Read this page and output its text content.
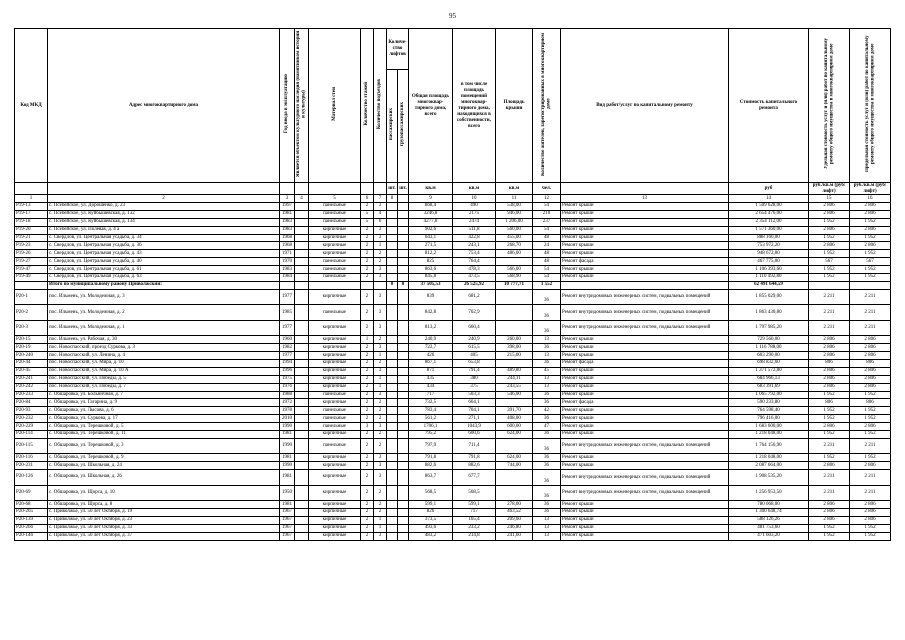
95
Код МКД	Адрес многоквартирного дома	Год ввода в эксплуатацию	Является объектом культурного наследия (памятником истории и культуры)	Материал стен	Количество этажей	Количество подъездов	Количе-ство лифтов		Общая площадь многоквар-тирного дома, всего	в том числе площадь помещений многоквар-тирного дома, находящихся в собственности, всего	Площадь крыши	Количество жителей, зарегистрированных в многоквартирном доме	Вид работ/услуг по капитальному ремонту	Стоимость капитального ремонта	Удельная стоимость услуг и (или) работ по капитальному ремонту общего имущества в многоквартирном доме	Предельная стоимость услуг и (или) работ по капитальному ремонту общего имущества в многоквартирном доме
							пассажирских	грузопассажирских								
							шт.	шт.	кв.м	кв.м	кв.м	чел.		руб	руб./кв.м (руб/лифт)	руб./кв.м (руб/лифт)
1	2	3	4	5	6	7	8		9	10	11	12	13	14	15	16
Р19-13	с. Псебейское, ул. Дорошенко, д. 23	1997		панельные	2	3			868,4	490	538,00	54	Ремонт крыши	1 509 628,00	2 806	2 806
Р19-17	с. Псебейское, ул. Куйбышевская, д. 132	1981		панельные	5	4			3246,8	2175	946,00	210	Ремонт крыши	2 654 476,00	2 806	2 806
Р19-18	с. Псебейское, ул. Куйбышевская, д. 134	1983		панельные	5	6			4277,8	2474	1 206,00	237	Ремонт крыши	2 354 112,00	1 952	1 952
Р19-20	с. Псебейское, ул. Полевая, д. 4 а	1983		кирпичные	2	3			902,6	511,8	560,00	54	Ремонт крыши	1 571 360,00	2 806	2 806
Р19-21	с. Свердлов, ул. Центральная усадьба, д. 34	1968		кирпичные	2	3			643,1	422,8	455,00	48	Ремонт крыши	888 160,00	1 952	1 952
Р19-23	с. Свердлов, ул. Центральная усадьба, д. 36	1968		кирпичные	2	1			271,5	243,1	268,70	24	Ремонт крыши	753 972,20	2 806	2 806
Р19-26	с. Свердлов, ул. Центральная усадьба, д. 43	1971		кирпичные	2	2			812,2	753,4	486,00	48	Ремонт крыши	948 672,00	1 952	1 952
Р19-27	с. Свердлов, ул. Центральная усадьба, д. 40	1970		панельные	2	2			825	764,4		48	Ремонт фасада	467 775,00	567	567
Р19-47	с. Свердлов, ул. Центральная усадьба, д. 61	1983		панельные	2	3			863,6	478,3	566,00	54	Ремонт крыши	1 106 393,60	1 952	1 952
Р19-49	с. Свердлов, ул. Центральная усадьба, д. 63	1984		панельные	2	3			845,8	473,5	568,90	54	Ремонт крыши	1 110 492,80	1 952	1 952
	Итого по муниципальному району Приволжский:						0	0	37 505,53	26 525,92	10 777,71	1 552		62 491 644,59		
Р20-1	пос. Ильмень, ул. Молодежная, д. 3	1977		кирпичные	2	3			839	681,2		36	Ремонт внутридомовых инженерных систем, подвальных помещений	1 855 029,00	2 211	2 211
Р20-2	пос. Ильмень, ул. Молодежная, д. 2	1985		панельные	2	3			842,8	702,9		36	Ремонт внутридомовых инженерных систем, подвальных помещений	1 863 430,80	2 211	2 211
Р20-3	пос. Ильмень, ул. Молодежная, д. 1	1977		кирпичные	2	3			813,2	660,4		36	Ремонт внутридомовых инженерных систем, подвальных помещений	1 797 985,20	2 211	2 211
Р20-15	пос. Ильмень, ул. Рабочая, д. 30	1960		кирпичные	1	2			240,9	240,9	260,00	13	Ремонт крыши	729 560,00	2 806	2 806
Р20-19	пос. Новоспасский, проезд Суркова, д. 3	1982		кирпичные	2	3			722,7	615,5	398,00	36	Ремонт крыши	1 116 788,00	2 806	2 806
Р20-240	пос. Новоспасский, ул. Ленина, д. 4	1977		кирпичные	2	1			426	405	215,00	13	Ремонт крыши	603 290,00	2 806	2 806
Р20-44	пос. Новоспасский, ул. Мира, д. 10	1994		кирпичные	2	2			867,1	653,8		36	Ремонт фасада	698 832,60	806	806
Р20-45	пос. Новоспасский, ул. Мира, д. 10 А	1996		кирпичные	2	3			871	791,4	489,80	45	Ремонт крыши	1 371 572,80	2 806	2 806
Р20-241	пос. Новоспасский, ул. Победы, д. 5	1975		кирпичные	2	1			435	380	244,11	13	Ремонт крыши	684 966,13	2 806	2 806
Р20-242	пос. Новоспасский, ул. Победы, д. 7	1976		кирпичные	2	1			434	375	243,55	13	Ремонт крыши	683 391,69	2 806	2 806
Р20-233	с. Обшаровка, ул. Больничная, д. 7	1988		панельные	2	3			717	503,3	546,00	36	Ремонт крыши	1 065 792,00	1 952	1 952
Р20-84	с. Обшаровка, ул. Гагарина, д. 9	1972		кирпичные	2	2			732,5	664,1		36	Ремонт фасада	590 233,80	806	806
Р20-93	с. Обшаровка, ул. Лысова, д. 6	1978		панельные	2	2			783,4	704,1	391,70	42	Ремонт крыши	764 598,40	1 952	1 952
Р20-232	с. Обшаровка, ул. Суркова, д. 17	2010		панельные	2	2			561,2	271,1	408,00	36	Ремонт крыши	796 416,00	1 952	1 952
Р20-229	с. Обшаровка, ул. Терешковой, д. 5	1990		панельные	3	3			1706,1	1043,9	600,00	47	Ремонт крыши	1 683 600,00	2 806	2 806
Р20-114	с. Обшаровка, ул. Терешковой, д. 11	1981		кирпичные	2	2			795,2	600,6	624,00	36	Ремонт крыши	1 218 048,00	1 952	1 952
Р20-115	с. Обшаровка, ул. Терешковой, д. 3	1990		панельные	2	2			797,9	711,4		36	Ремонт внутридомовых инженерных систем, подвальных помещений	1 764 156,90	2 211	2 211
Р20-116	с. Обшаровка, ул. Терешковой, д. 9	1981		кирпичные	2	3			791,8	791,8	624,00	36	Ремонт крыши	1 218 048,00	1 952	1 952
Р20-231	с. Обшаровка, ул. Школьная, д. 24	1990		кирпичные	2	3			882,6	882,6	744,00	36	Ремонт крыши	2 087 664,00	2 806	2 806
Р20-126	с. Обшаровка, ул. Школьная, д. 26	1981		кирпичные	2	3			863,7	677,7		36	Ремонт внутридомовых инженерных систем, подвальных помещений	1 908 535,20	2 211	2 211
Р20-69	с. Обшаровка, ул. Щорса, д. 10	1950		кирпичные	2	2			568,5	568,5		36	Ремонт внутридомовых инженерных систем, подвальных помещений	1 256 953,50	2 211	2 211
Р20-68	с. Обшаровка, ул. Щорса, д. 8	1981		кирпичные	2	2			599,1	599,1	278,00	36	Ремонт крыши	780 068,00	2 806	2 806
Р20-265	с. Приволжье, ул. 50 лет Октября, д. 19	1967		кирпичные	2	2			826	717	463,52	36	Ремонт крыши	1 300 648,74	2 806	2 806
Р20-139	с. Приволжье, ул. 50 лет Октября, д. 23	1967		кирпичные	2	1			373,5	165,4	209,60	13	Ремонт крыши	588 126,26	2 806	2 806
Р20-266	с. Приволжье, ул. 50 лет Октября, д. 33	1967		кирпичные	2	1			493,6	233,2	246,80	13	Ремонт крыши	481 753,60	1 952	1 952
Р20-146	с. Приволжье, ул. 50 лет Октября, д. 37	1967		кирпичные	2	3			483,2	214,8	241,60	13	Ремонт крыши	471 603,20	1 952	1 952
